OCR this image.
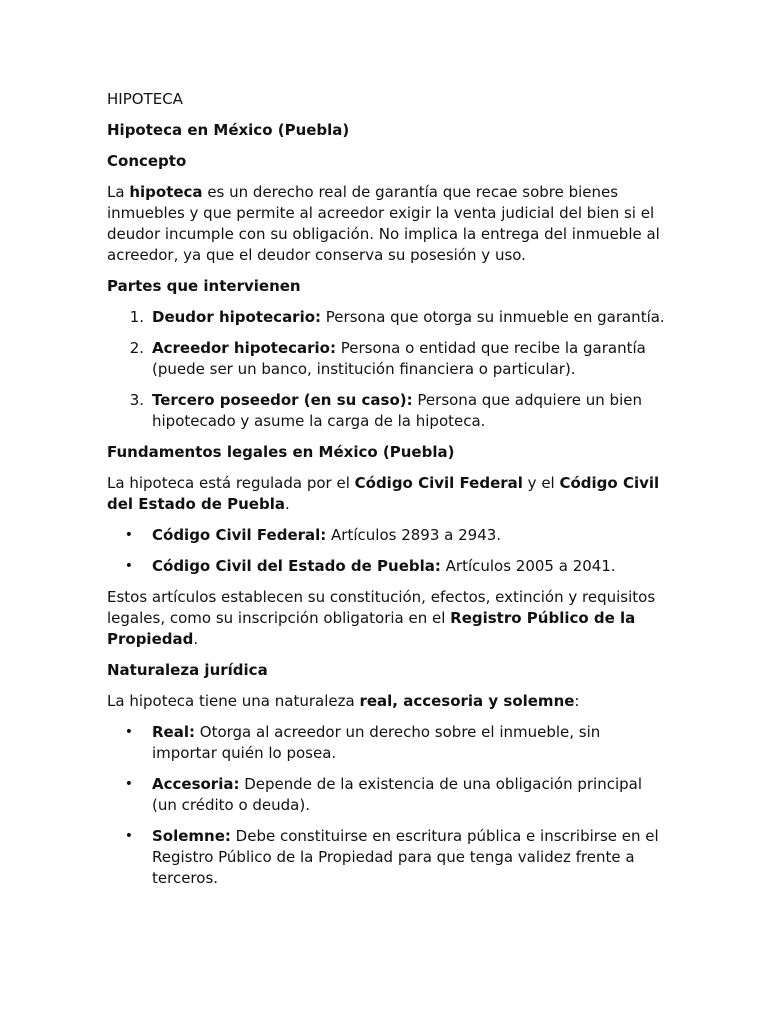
HIPOTECA

Hipoteca en México (Puebla)

Concepto

La hipoteca es un derecho real de garantía que recae sobre bienes inmuebles y que permite al acreedor exigir la venta judicial del bien si el deudor incumple con su obligación. No implica la entrega del inmueble al acreedor, ya que el deudor conserva su posesión y uso.

Partes que intervienen

1. Deudor hipotecario: Persona que otorga su inmueble en garantía.
2. Acreedor hipotecario: Persona o entidad que recibe la garantía (puede ser un banco, institución financiera o particular).
3. Tercero poseedor (en su caso): Persona que adquiere un bien hipotecado y asume la carga de la hipoteca.

Fundamentos legales en México (Puebla)

La hipoteca está regulada por el Código Civil Federal y el Código Civil del Estado de Puebla.

• Código Civil Federal: Artículos 2893 a 2943.
• Código Civil del Estado de Puebla: Artículos 2005 a 2041.

Estos artículos establecen su constitución, efectos, extinción y requisitos legales, como su inscripción obligatoria en el Registro Público de la Propiedad.

Naturaleza jurídica

La hipoteca tiene una naturaleza real, accesoria y solemne:

• Real: Otorga al acreedor un derecho sobre el inmueble, sin importar quién lo posea.
• Accesoria: Depende de la existencia de una obligación principal (un crédito o deuda).
• Solemne: Debe constituirse en escritura pública e inscribirse en el Registro Público de la Propiedad para que tenga validez frente a terceros.
